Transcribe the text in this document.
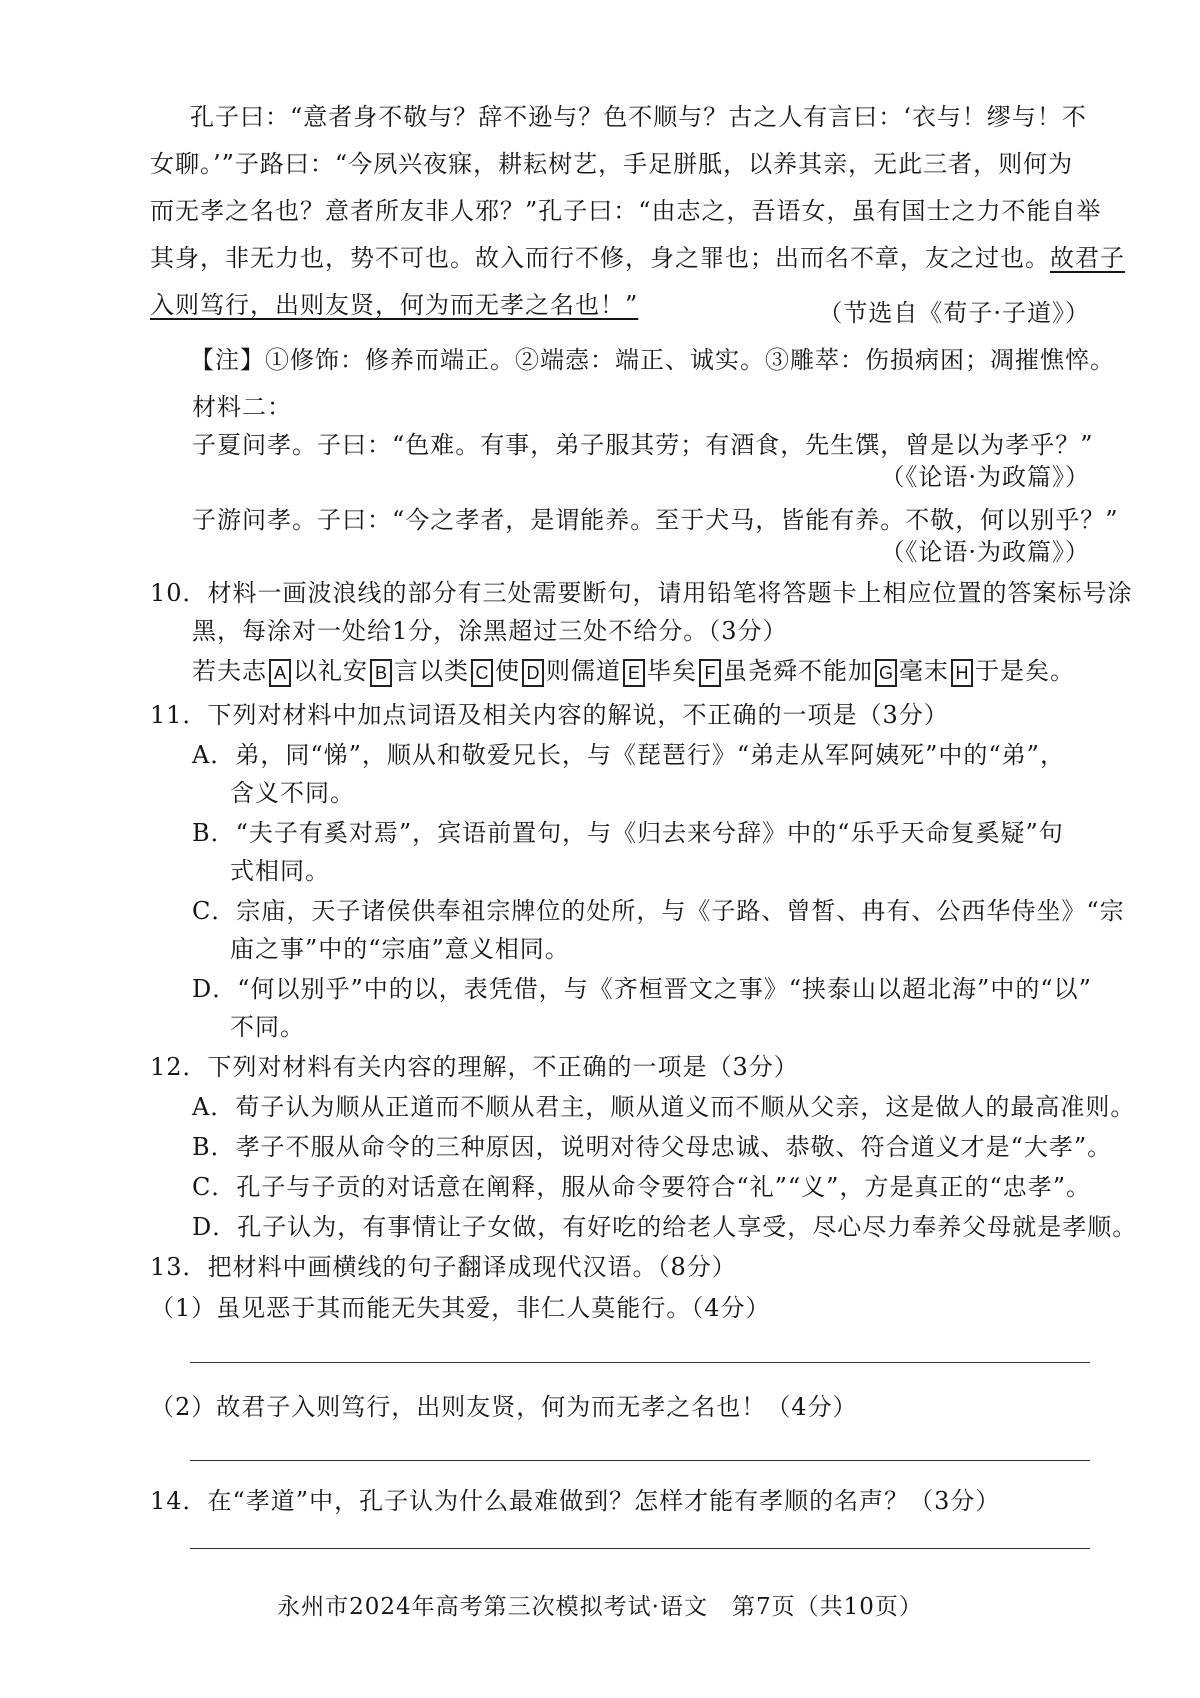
孔子曰：“意者身不敬与？辞不逊与？色不顺与？古之人有言曰：‘衣与！缪与！不
女聊。’”子路曰：“今夙兴夜寐，耕耘树艺，手足胼胝，以养其亲，无此三者，则何为
而无孝之名也？意者所友非人邪？”孔子曰：“由志之，吾语女，虽有国士之力不能自举
其身，非无力也，势不可也。故入而行不修，身之罪也；出而名不章，友之过也。故君子
入则笃行，出则友贤，何为而无孝之名也！”	（节选自《荀子·子道》）
【注】①修饰：修养而端正。②端悫：端正、诚实。③雕萃：伤损病困；凋摧憔悴。
材料二：
子夏问孝。子曰：“色难。有事，弟子服其劳；有酒食，先生馔，曾是以为孝乎？”
（《论语·为政篇》）
子游问孝。子曰：“今之孝者，是谓能养。至于犬马，皆能有养。不敬，何以别乎？”
（《论语·为政篇》）
10．材料一画波浪线的部分有三处需要断句，请用铅笔将答题卡上相应位置的答案标号涂
黑，每涂对一处给1分，涂黑超过三处不给分。（3分）
若夫志 A 以礼安 B 言以类 C 使 D 则儒道 E 毕矣 F 虽尧舜不能加 G 毫末 H 于是矣。
11．下列对材料中加点词语及相关内容的解说，不正确的一项是（3分）
A．弟，同“悌”，顺从和敬爱兄长，与《琵琶行》“弟走从军阿姨死”中的“弟”，
含义不同。
B．“夫子有奚对焉”，宾语前置句，与《归去来兮辞》中的“乐乎天命复奚疑”句
式相同。
C．宗庙，天子诸侯供奉祖宗牌位的处所，与《子路、曾皙、冉有、公西华侍坐》“宗
庙之事”中的“宗庙”意义相同。
D．“何以别乎”中的以，表凭借，与《齐桓晋文之事》“挟泰山以超北海”中的“以”
不同。
12．下列对材料有关内容的理解，不正确的一项是（3分）
A．荀子认为顺从正道而不顺从君主，顺从道义而不顺从父亲，这是做人的最高准则。
B．孝子不服从命令的三种原因，说明对待父母忠诚、恭敬、符合道义才是“大孝”。
C．孔子与子贡的对话意在阐释，服从命令要符合“礼”“义”，方是真正的“忠孝”。
D．孔子认为，有事情让子女做，有好吃的给老人享受，尽心尽力奉养父母就是孝顺。
13．把材料中画横线的句子翻译成现代汉语。（8分）
（1）虽见恶于其而能无失其爱，非仁人莫能行。（4分）
（2）故君子入则笃行，出则友贤，何为而无孝之名也！（4分）
14．在“孝道”中，孔子认为什么最难做到？怎样才能有孝顺的名声？（3分）
永州市2024年高考第三次模拟考试·语文　第7页（共10页）
